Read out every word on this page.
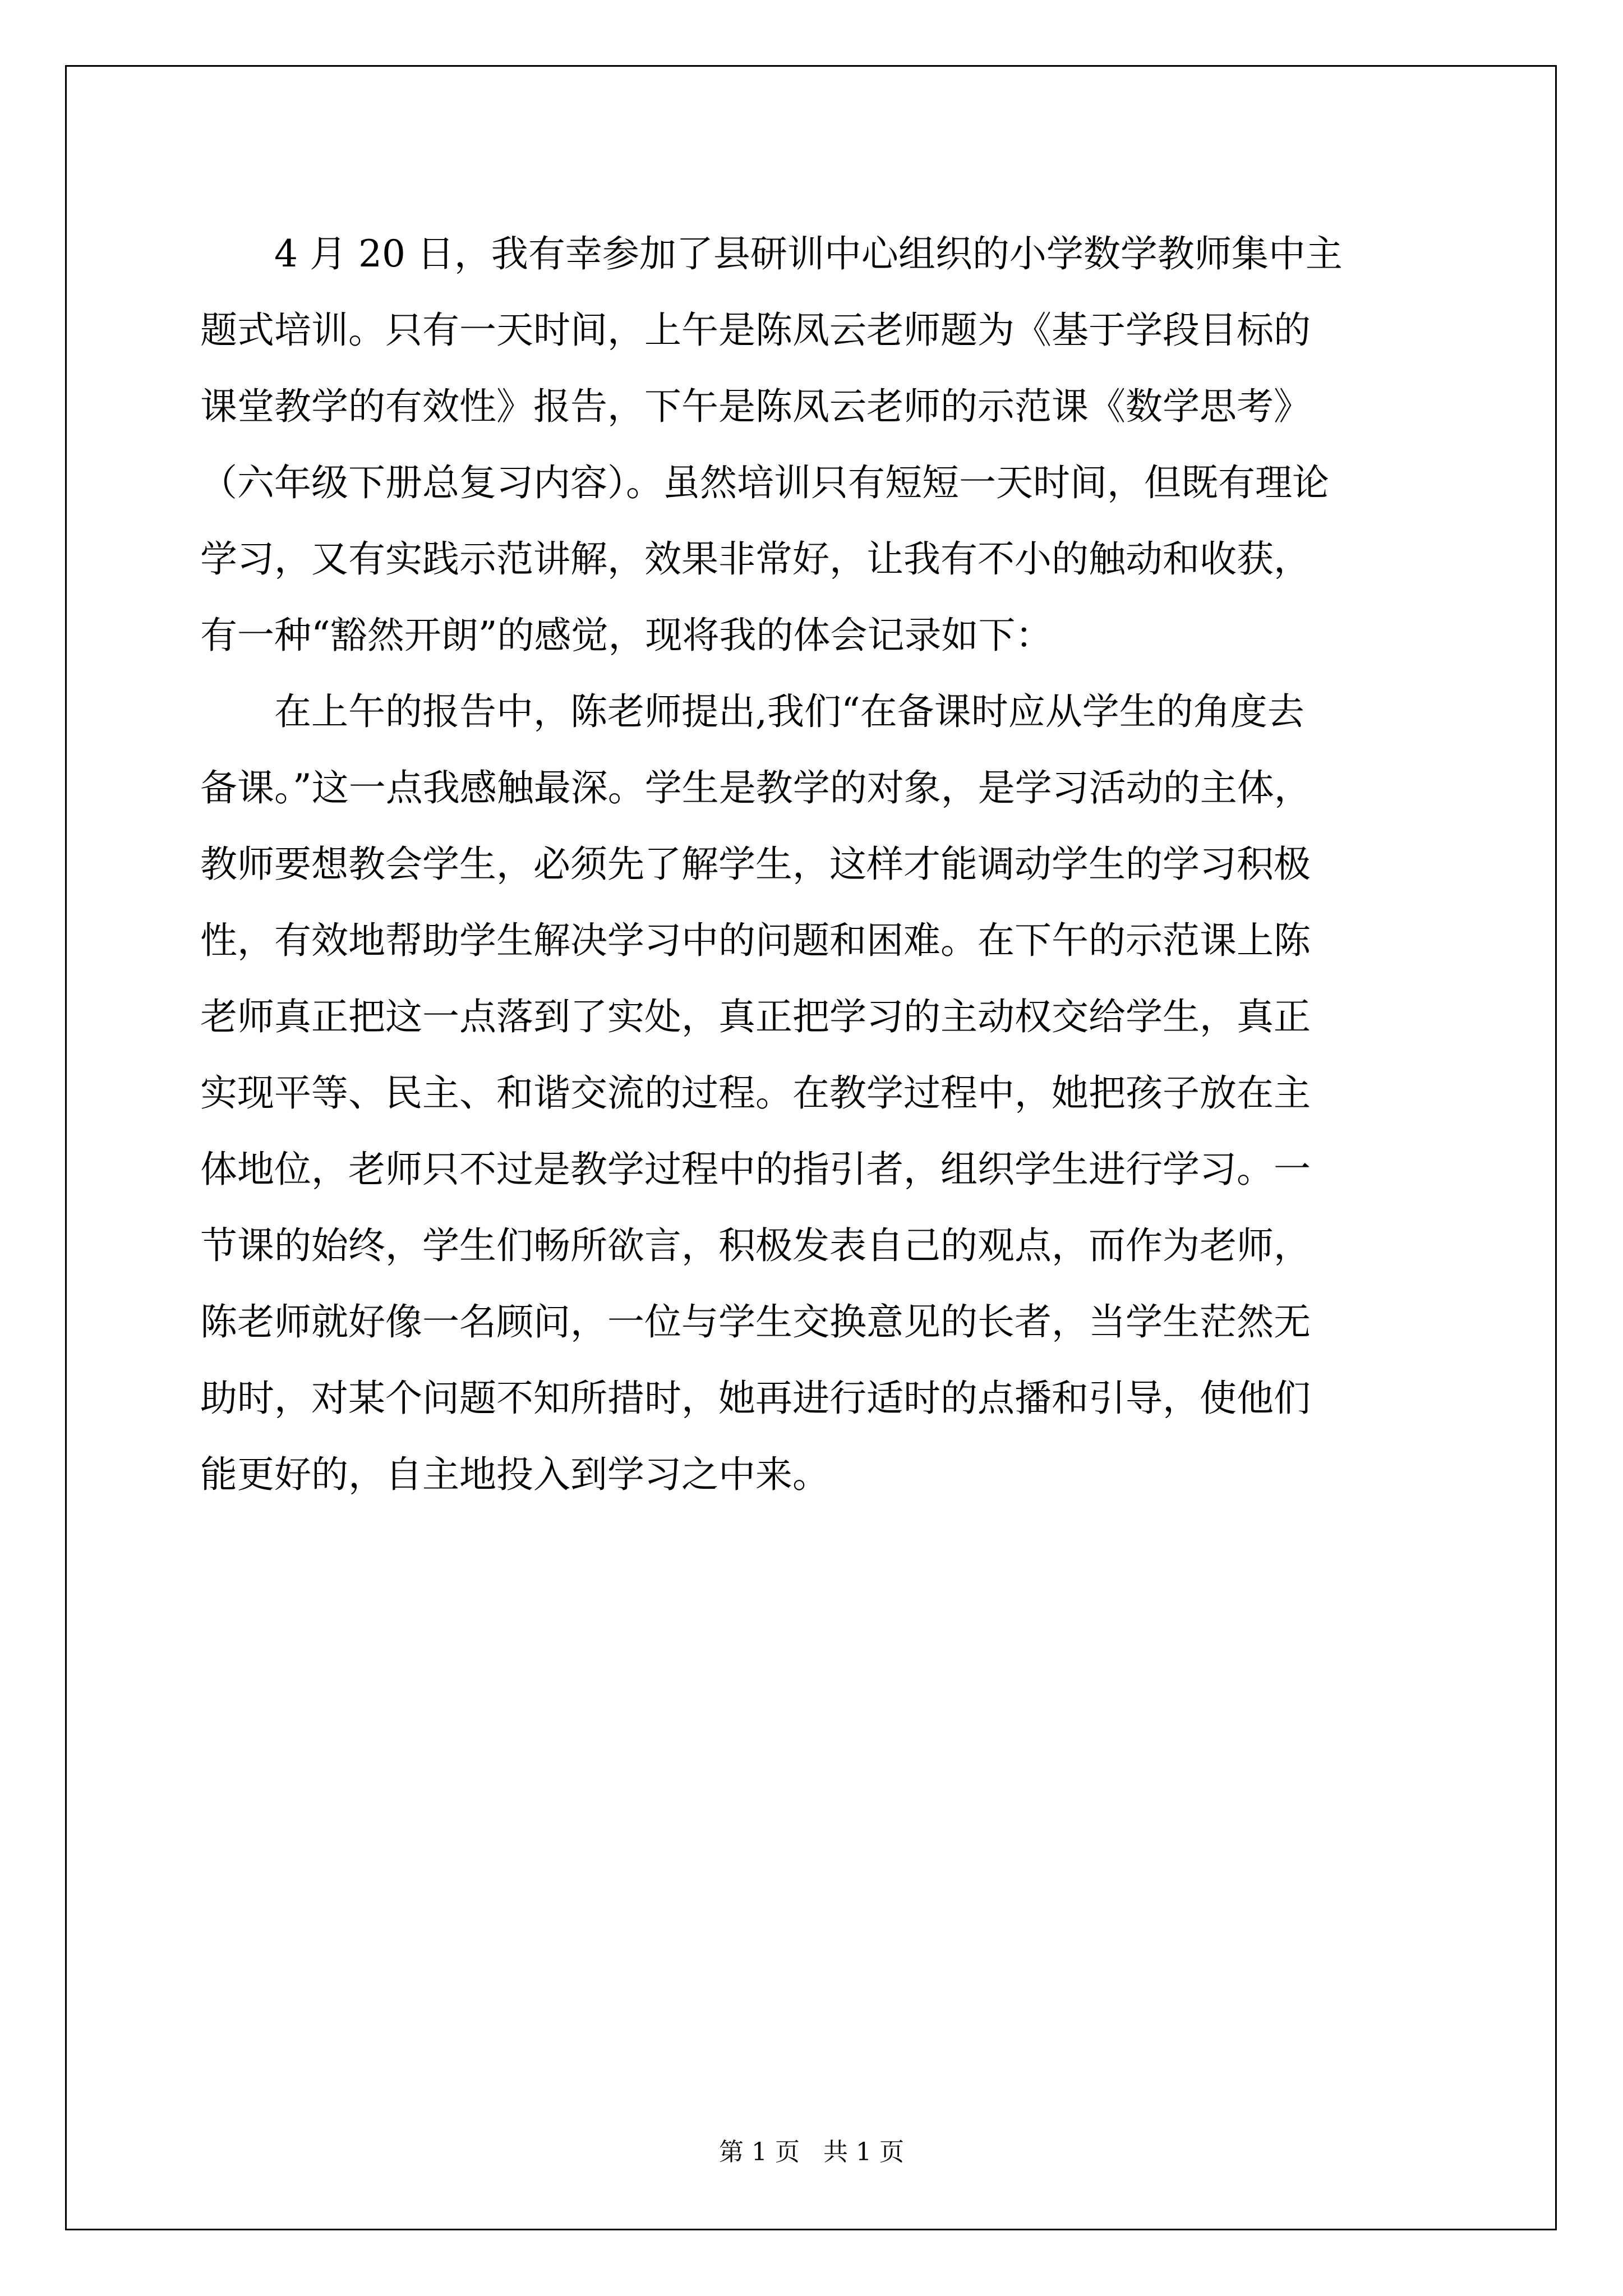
4 月 20 日，我有幸参加了县研训中心组织的小学数学教师集中主
题式培训。只有一天时间，上午是陈凤云老师题为《基于学段目标的
课堂教学的有效性》报告，下午是陈凤云老师的示范课《数学思考》
（六年级下册总复习内容）。虽然培训只有短短一天时间，但既有理论
学习，又有实践示范讲解，效果非常好，让我有不小的触动和收获，
有一种“豁然开朗”的感觉，现将我的体会记录如下：
在上午的报告中，陈老师提出,我们“在备课时应从学生的角度去
备课。”这一点我感触最深。学生是教学的对象，是学习活动的主体，
教师要想教会学生，必须先了解学生，这样才能调动学生的学习积极
性，有效地帮助学生解决学习中的问题和困难。在下午的示范课上陈
老师真正把这一点落到了实处，真正把学习的主动权交给学生，真正
实现平等、民主、和谐交流的过程。在教学过程中，她把孩子放在主
体地位，老师只不过是教学过程中的指引者，组织学生进行学习。一
节课的始终，学生们畅所欲言，积极发表自己的观点，而作为老师，
陈老师就好像一名顾问，一位与学生交换意见的长者，当学生茫然无
助时，对某个问题不知所措时，她再进行适时的点播和引导，使他们
能更好的，自主地投入到学习之中来。
第 1 页   共 1 页
